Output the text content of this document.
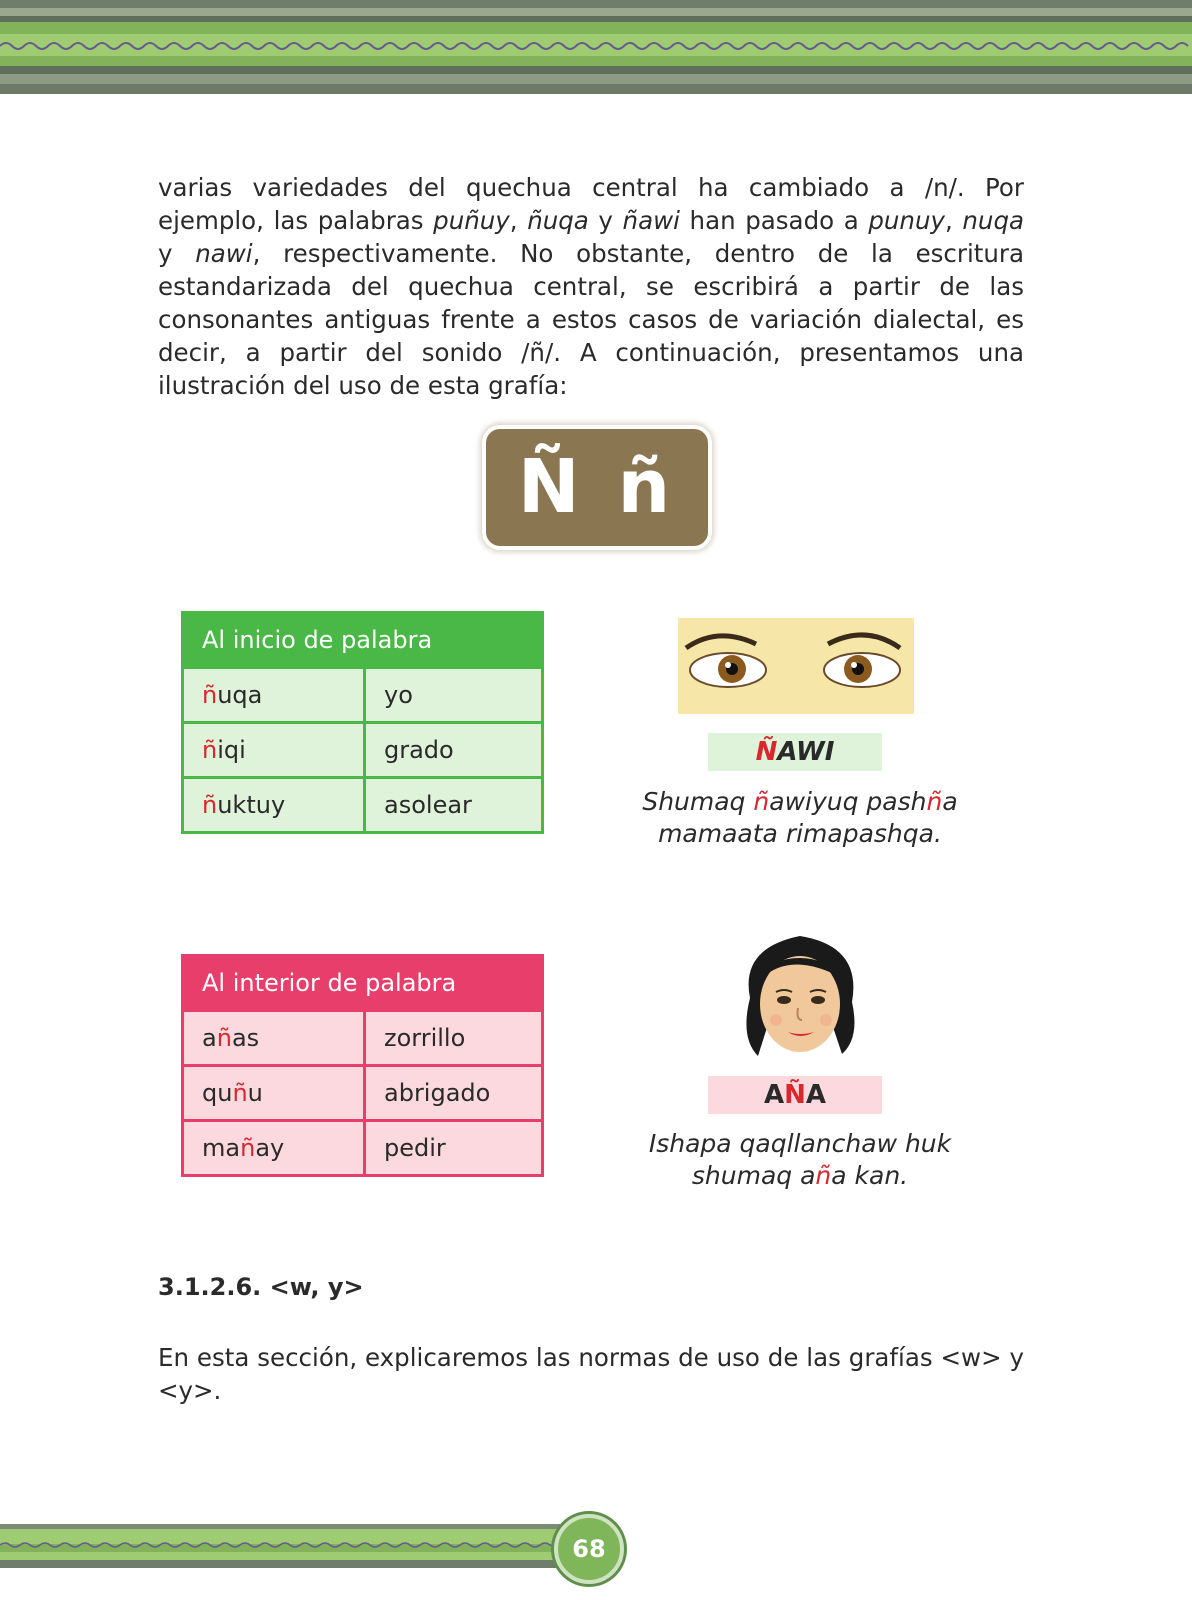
varias variedades del quechua central ha cambiado a /n/. Por ejemplo, las palabras puñuy, ñuqa y ñawi han pasado a punuy, nuqa y nawi, respectivamente. No obstante, dentro de la escritura estandarizada del quechua central, se escribirá a partir de las consonantes antiguas frente a estos casos de variación dialectal, es decir, a partir del sonido /ñ/. A continuación, presentamos una ilustración del uso de esta grafía:

Ñ ñ
Al inicio de palabra	
ñuqa	yo
ñiqi	grado
ñuktuy	asolear
ÑAWI

Shumaq ñawiyuq pashña
mamaata rimapashqa.

Al interior de palabra	
añas	zorrillo
quñu	abrigado
mañay	pedir
AÑA

Ishapa qaqllanchaw huk
shumaq aña kan.

3.1.2.6. <w, y>

En esta sección, explicaremos las normas de uso de las grafías <w> y <y>.

68
